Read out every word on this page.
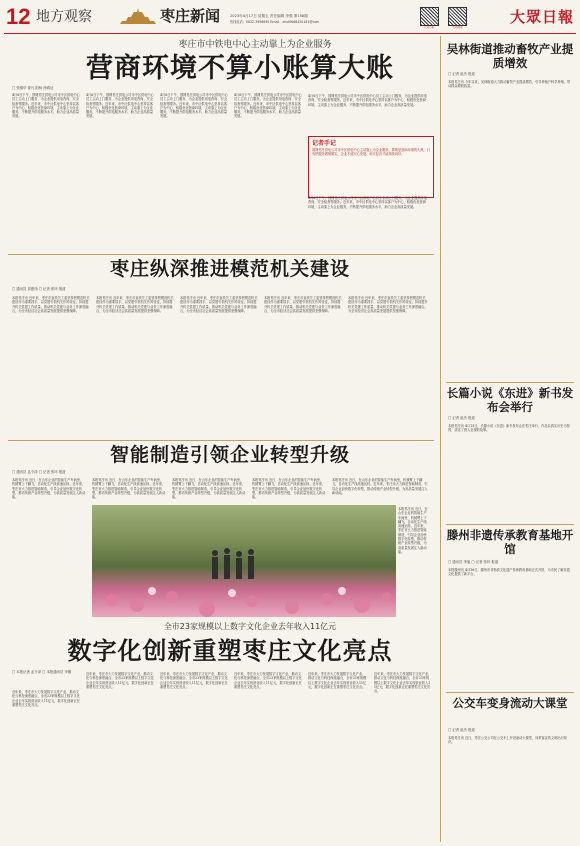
12 地方观察	枣庄新闻	2023年4月17日 星期五 责任编辑 李强 第158期
热线电话：0632-3956695 Email：zhxf0668420181@com
大众日报	大众新闻
大眾日報
枣庄市中铁电中心主动靠上为企业服务
营商环境不算小账算大账
□ 张刚华 姜凡 阳杨 徐鸿达
4月6日下午，国网枣庄供电公司市中区供电中心员工主动上门服务，为企业提供用电咨询、安全检查等服务。近年来，市中区供电中心坚持以客户为中心，积极优化营商环境，主动靠上为企业服务，不断提升供电服务水平，助力企业高质量发展。
4月6日下午，国网枣庄供电公司市中区供电中心员工主动上门服务，为企业提供用电咨询、安全检查等服务。近年来，市中区供电中心坚持以客户为中心，积极优化营商环境，主动靠上为企业服务，不断提升供电服务水平，助力企业高质量发展。
4月6日下午，国网枣庄供电公司市中区供电中心员工主动上门服务，为企业提供用电咨询、安全检查等服务。近年来，市中区供电中心坚持以客户为中心，积极优化营商环境，主动靠上为企业服务，不断提升供电服务水平，助力企业高质量发展。
4月6日下午，国网枣庄供电公司市中区供电中心员工主动上门服务，为企业提供用电咨询、安全检查等服务。近年来，市中区供电中心坚持以客户为中心，积极优化营商环境，主动靠上为企业服务，不断提升供电服务水平，助力企业高质量发展。
记者手记
国网枣庄供电公司市中区供电中心主动靠上为企业服务，算的是营商环境的大账。只有把服务做细做实，企业才能安心发展，地方经济才能持续向好。
4月6日下午，国网枣庄供电公司市中区供电中心员工主动上门服务，为企业提供用电咨询、安全检查等服务。近年来，市中区供电中心坚持以客户为中心，积极优化营商环境，主动靠上为企业服务，不断提升供电服务水平，助力企业高质量发展。
4月6日下午，国网枣庄供电公司市中区供电中心员工主动上门服务，为企业提供用电咨询、安全检查等服务。近年来，市中区供电中心坚持以客户为中心，积极优化营商环境，主动靠上为企业服务，不断提升供电服务水平，助力企业高质量发展。
枣庄纵深推进模范机关建设
□ 通讯员 刘建伟 □ 记者 张环 报道
本报枣庄讯 近年来，枣庄市直机关工委坚持把模范机关建设作为重要抓手，以党建引领机关作风转变，持续提升机关党建工作质量，推动机关党建与业务工作深度融合，为全市经济社会高质量发展提供坚强保障。
本报枣庄讯 近年来，枣庄市直机关工委坚持把模范机关建设作为重要抓手，以党建引领机关作风转变，持续提升机关党建工作质量，推动机关党建与业务工作深度融合，为全市经济社会高质量发展提供坚强保障。
本报枣庄讯 近年来，枣庄市直机关工委坚持把模范机关建设作为重要抓手，以党建引领机关作风转变，持续提升机关党建工作质量，推动机关党建与业务工作深度融合，为全市经济社会高质量发展提供坚强保障。
本报枣庄讯 近年来，枣庄市直机关工委坚持把模范机关建设作为重要抓手，以党建引领机关作风转变，持续提升机关党建工作质量，推动机关党建与业务工作深度融合，为全市经济社会高质量发展提供坚强保障。
本报枣庄讯 近年来，枣庄市直机关工委坚持把模范机关建设作为重要抓手，以党建引领机关作风转变，持续提升机关党建工作质量，推动机关党建与业务工作深度融合，为全市经济社会高质量发展提供坚强保障。
智能制造引领企业转型升级
□ 通讯员 孟令泽 □ 记者 张环 报道
本报枣庄讯 近日，在山东企业的智能生产车间里，机械臂上下翻飞，自动化生产线高速运转。近年来，枣庄市大力推进智能制造，引导企业加快数字化转型，推动传统产业转型升级，为高质量发展注入新动能。
本报枣庄讯 近日，在山东企业的智能生产车间里，机械臂上下翻飞，自动化生产线高速运转。近年来，枣庄市大力推进智能制造，引导企业加快数字化转型，推动传统产业转型升级，为高质量发展注入新动能。
本报枣庄讯 近日，在山东企业的智能生产车间里，机械臂上下翻飞，自动化生产线高速运转。近年来，枣庄市大力推进智能制造，引导企业加快数字化转型，推动传统产业转型升级，为高质量发展注入新动能。
本报枣庄讯 近日，在山东企业的智能生产车间里，机械臂上下翻飞，自动化生产线高速运转。近年来，枣庄市大力推进智能制造，引导企业加快数字化转型，推动传统产业转型升级，为高质量发展注入新动能。
本报枣庄讯 近日，在山东企业的智能生产车间里，机械臂上下翻飞，自动化生产线高速运转。近年来，枣庄市大力推进智能制造，引导企业加快数字化转型，推动传统产业转型升级，为高质量发展注入新动能。
本报枣庄讯 近日，在山东企业的智能生产车间里，机械臂上下翻飞，自动化生产线高速运转。近年来，枣庄市大力推进智能制造，引导企业加快数字化转型，推动传统产业转型升级，为高质量发展注入新动能。
全市23家规模以上数字文化企业去年收入11亿元
数字化创新重塑枣庄文化亮点
□ 本报记者 孟令泽 □ 本报通讯员 李刚
近年来，枣庄市大力发展数字文化产业，推动文化与科技深度融合，全市23家规模以上数字文化企业去年实现营业收入11亿元，数字化创新正在重塑枣庄文化亮点。
近年来，枣庄市大力发展数字文化产业，推动文化与科技深度融合，全市23家规模以上数字文化企业去年实现营业收入11亿元，数字化创新正在重塑枣庄文化亮点。
近年来，枣庄市大力发展数字文化产业，推动文化与科技深度融合，全市23家规模以上数字文化企业去年实现营业收入11亿元，数字化创新正在重塑枣庄文化亮点。
近年来，枣庄市大力发展数字文化产业，推动文化与科技深度融合，全市23家规模以上数字文化企业去年实现营业收入11亿元，数字化创新正在重塑枣庄文化亮点。
近年来，枣庄市大力发展数字文化产业，推动文化与科技深度融合，全市23家规模以上数字文化企业去年实现营业收入11亿元，数字化创新正在重塑枣庄文化亮点。
近年来，枣庄市大力发展数字文化产业，推动文化与科技深度融合，全市23家规模以上数字文化企业去年实现营业收入11亿元，数字化创新正在重塑枣庄文化亮点。
吴林街道推动畜牧产业提质增效
□ 记者 崔杰 报道
本报枣庄讯 今年以来，吴林街道大力推动畜牧产业提质增效，引导养殖户科学养殖，带动群众增收致富。
长篇小说《东进》新书发布会举行
□ 记者 崔杰 报道
本报枣庄讯 4月15日，长篇小说《东进》新书发布会在枣庄举行，作品以真实历史为背景，讲述了感人至深的故事。
滕州非遗传承教育基地开馆
□ 通讯员 李旭 □ 记者 张环 报道
本报滕州讯 4月16日，滕州市非物质文化遗产传承教育基地正式开馆，为市民了解非遗文化提供了新平台。
公交车变身流动大课堂
□ 记者 崔杰 报道
本报枣庄讯 近日，枣庄公交公司在公交车上开设流动大课堂，向乘客宣传文明出行知识。
